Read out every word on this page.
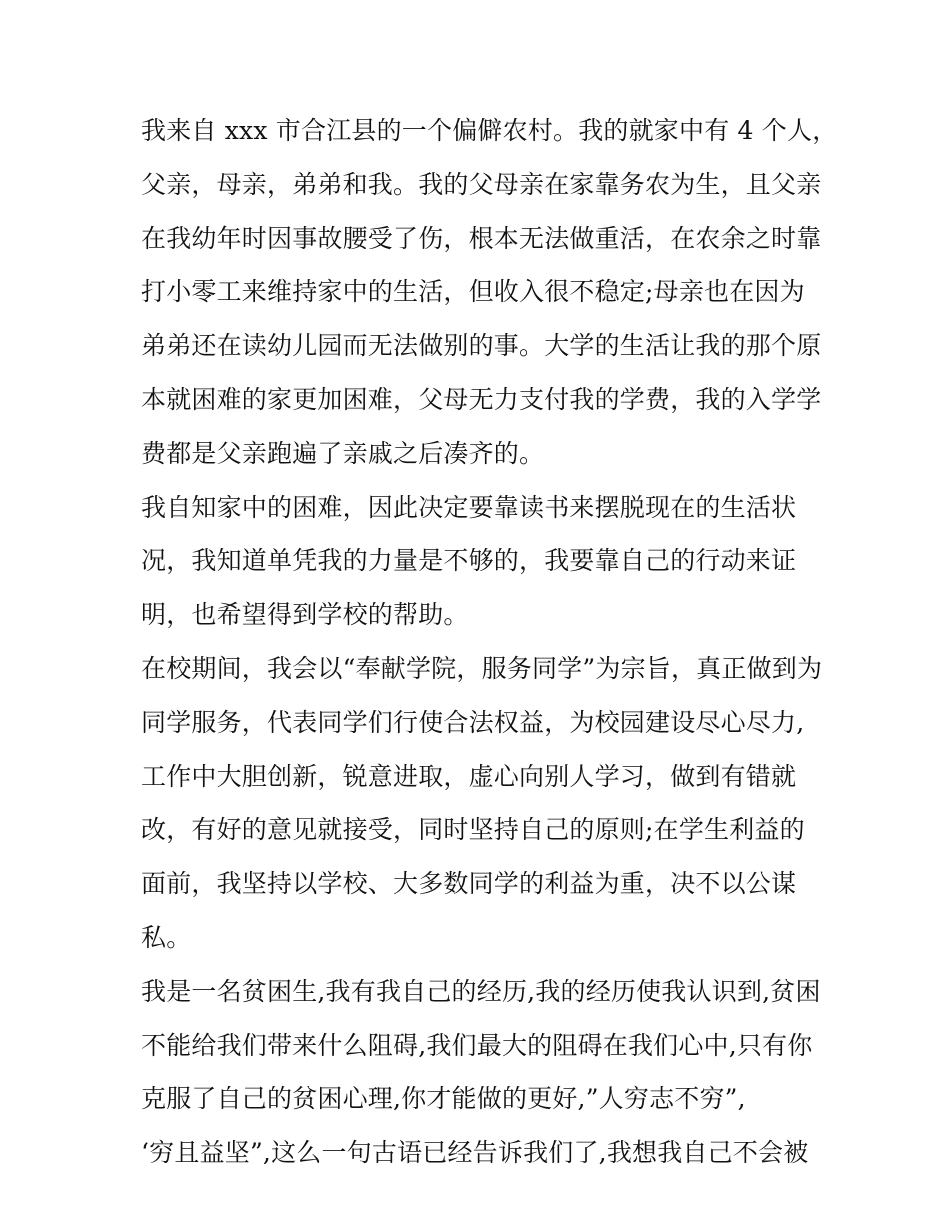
我来自 xxx 市合江县的一个偏僻农村。我的就家中有 4 个人，
父亲，母亲，弟弟和我。我的父母亲在家靠务农为生，且父亲
在我幼年时因事故腰受了伤，根本无法做重活，在农余之时靠
打小零工来维持家中的生活，但收入很不稳定;母亲也在因为
弟弟还在读幼儿园而无法做别的事。大学的生活让我的那个原
本就困难的家更加困难，父母无力支付我的学费，我的入学学
费都是父亲跑遍了亲戚之后凑齐的。
我自知家中的困难，因此决定要靠读书来摆脱现在的生活状
况，我知道单凭我的力量是不够的，我要靠自己的行动来证
明，也希望得到学校的帮助。
在校期间，我会以“奉献学院，服务同学”为宗旨，真正做到为
同学服务，代表同学们行使合法权益，为校园建设尽心尽力,
工作中大胆创新，锐意进取，虚心向别人学习，做到有错就
改，有好的意见就接受，同时坚持自己的原则;在学生利益的
面前，我坚持以学校、大多数同学的利益为重，决不以公谋
私。
我是一名贫困生,我有我自己的经历,我的经历使我认识到,贫困
不能给我们带来什么阻碍,我们最大的阻碍在我们心中,只有你
克服了自己的贫困心理,你才能做的更好,”人穷志不穷”,
‘穷且益坚”,这么一句古语已经告诉我们了,我想我自己不会被
